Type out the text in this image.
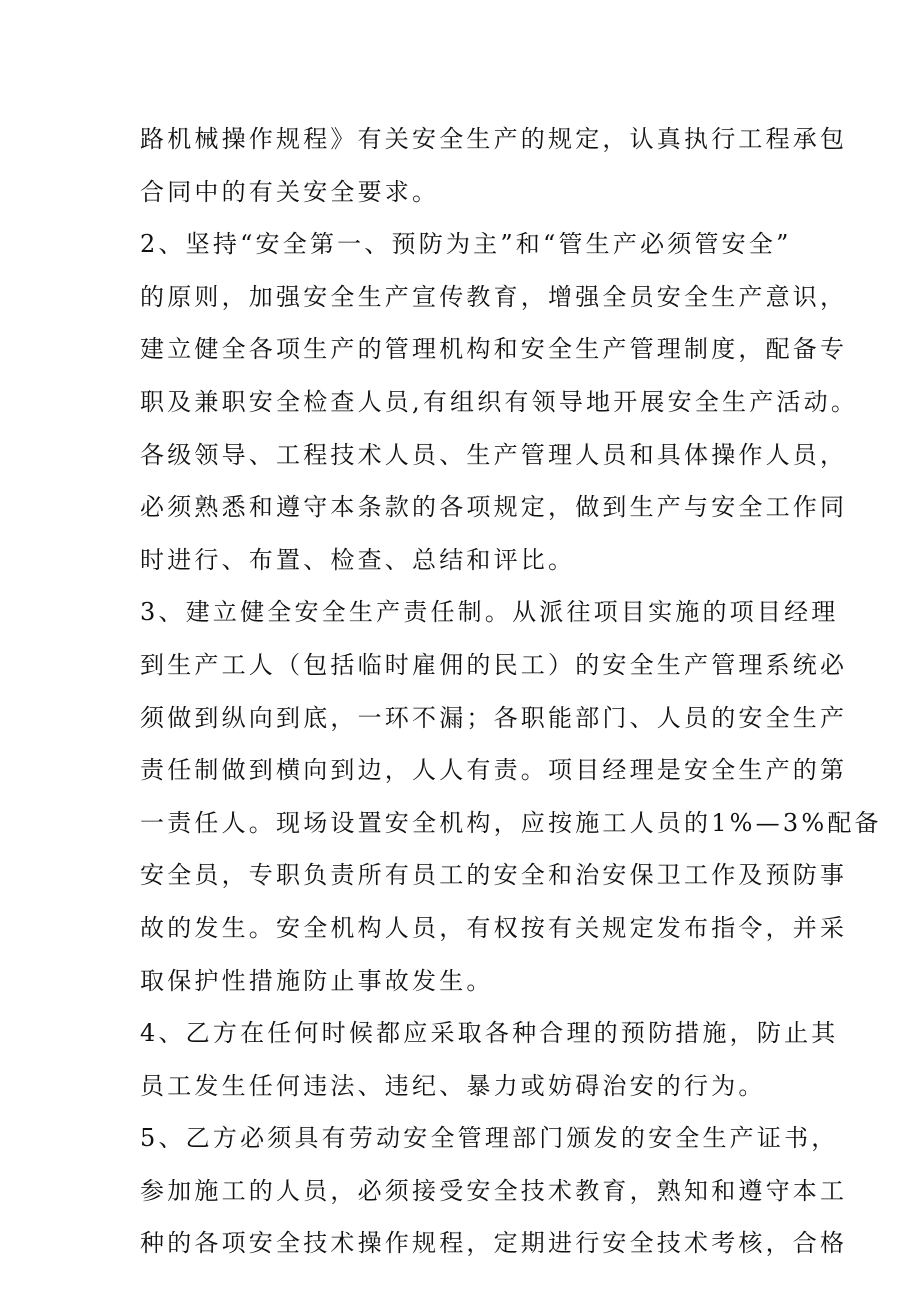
路机械操作规程》有关安全生产的规定，认真执行工程承包
合同中的有关安全要求。
2、坚持“安全第一、预防为主”和“管生产必须管安全”
的原则，加强安全生产宣传教育，增强全员安全生产意识，
建立健全各项生产的管理机构和安全生产管理制度，配备专
职及兼职安全检查人员,有组织有领导地开展安全生产活动。
各级领导、工程技术人员、生产管理人员和具体操作人员，
必须熟悉和遵守本条款的各项规定，做到生产与安全工作同
时进行、布置、检查、总结和评比。
3、建立健全安全生产责任制。从派往项目实施的项目经理
到生产工人（包括临时雇佣的民工）的安全生产管理系统必
须做到纵向到底，一环不漏；各职能部门、人员的安全生产
责任制做到横向到边，人人有责。项目经理是安全生产的第
一责任人。现场设置安全机构，应按施工人员的1%—3%配备
安全员，专职负责所有员工的安全和治安保卫工作及预防事
故的发生。安全机构人员，有权按有关规定发布指令，并采
取保护性措施防止事故发生。
4、乙方在任何时候都应采取各种合理的预防措施，防止其
员工发生任何违法、违纪、暴力或妨碍治安的行为。
5、乙方必须具有劳动安全管理部门颁发的安全生产证书，
参加施工的人员，必须接受安全技术教育，熟知和遵守本工
种的各项安全技术操作规程，定期进行安全技术考核，合格
